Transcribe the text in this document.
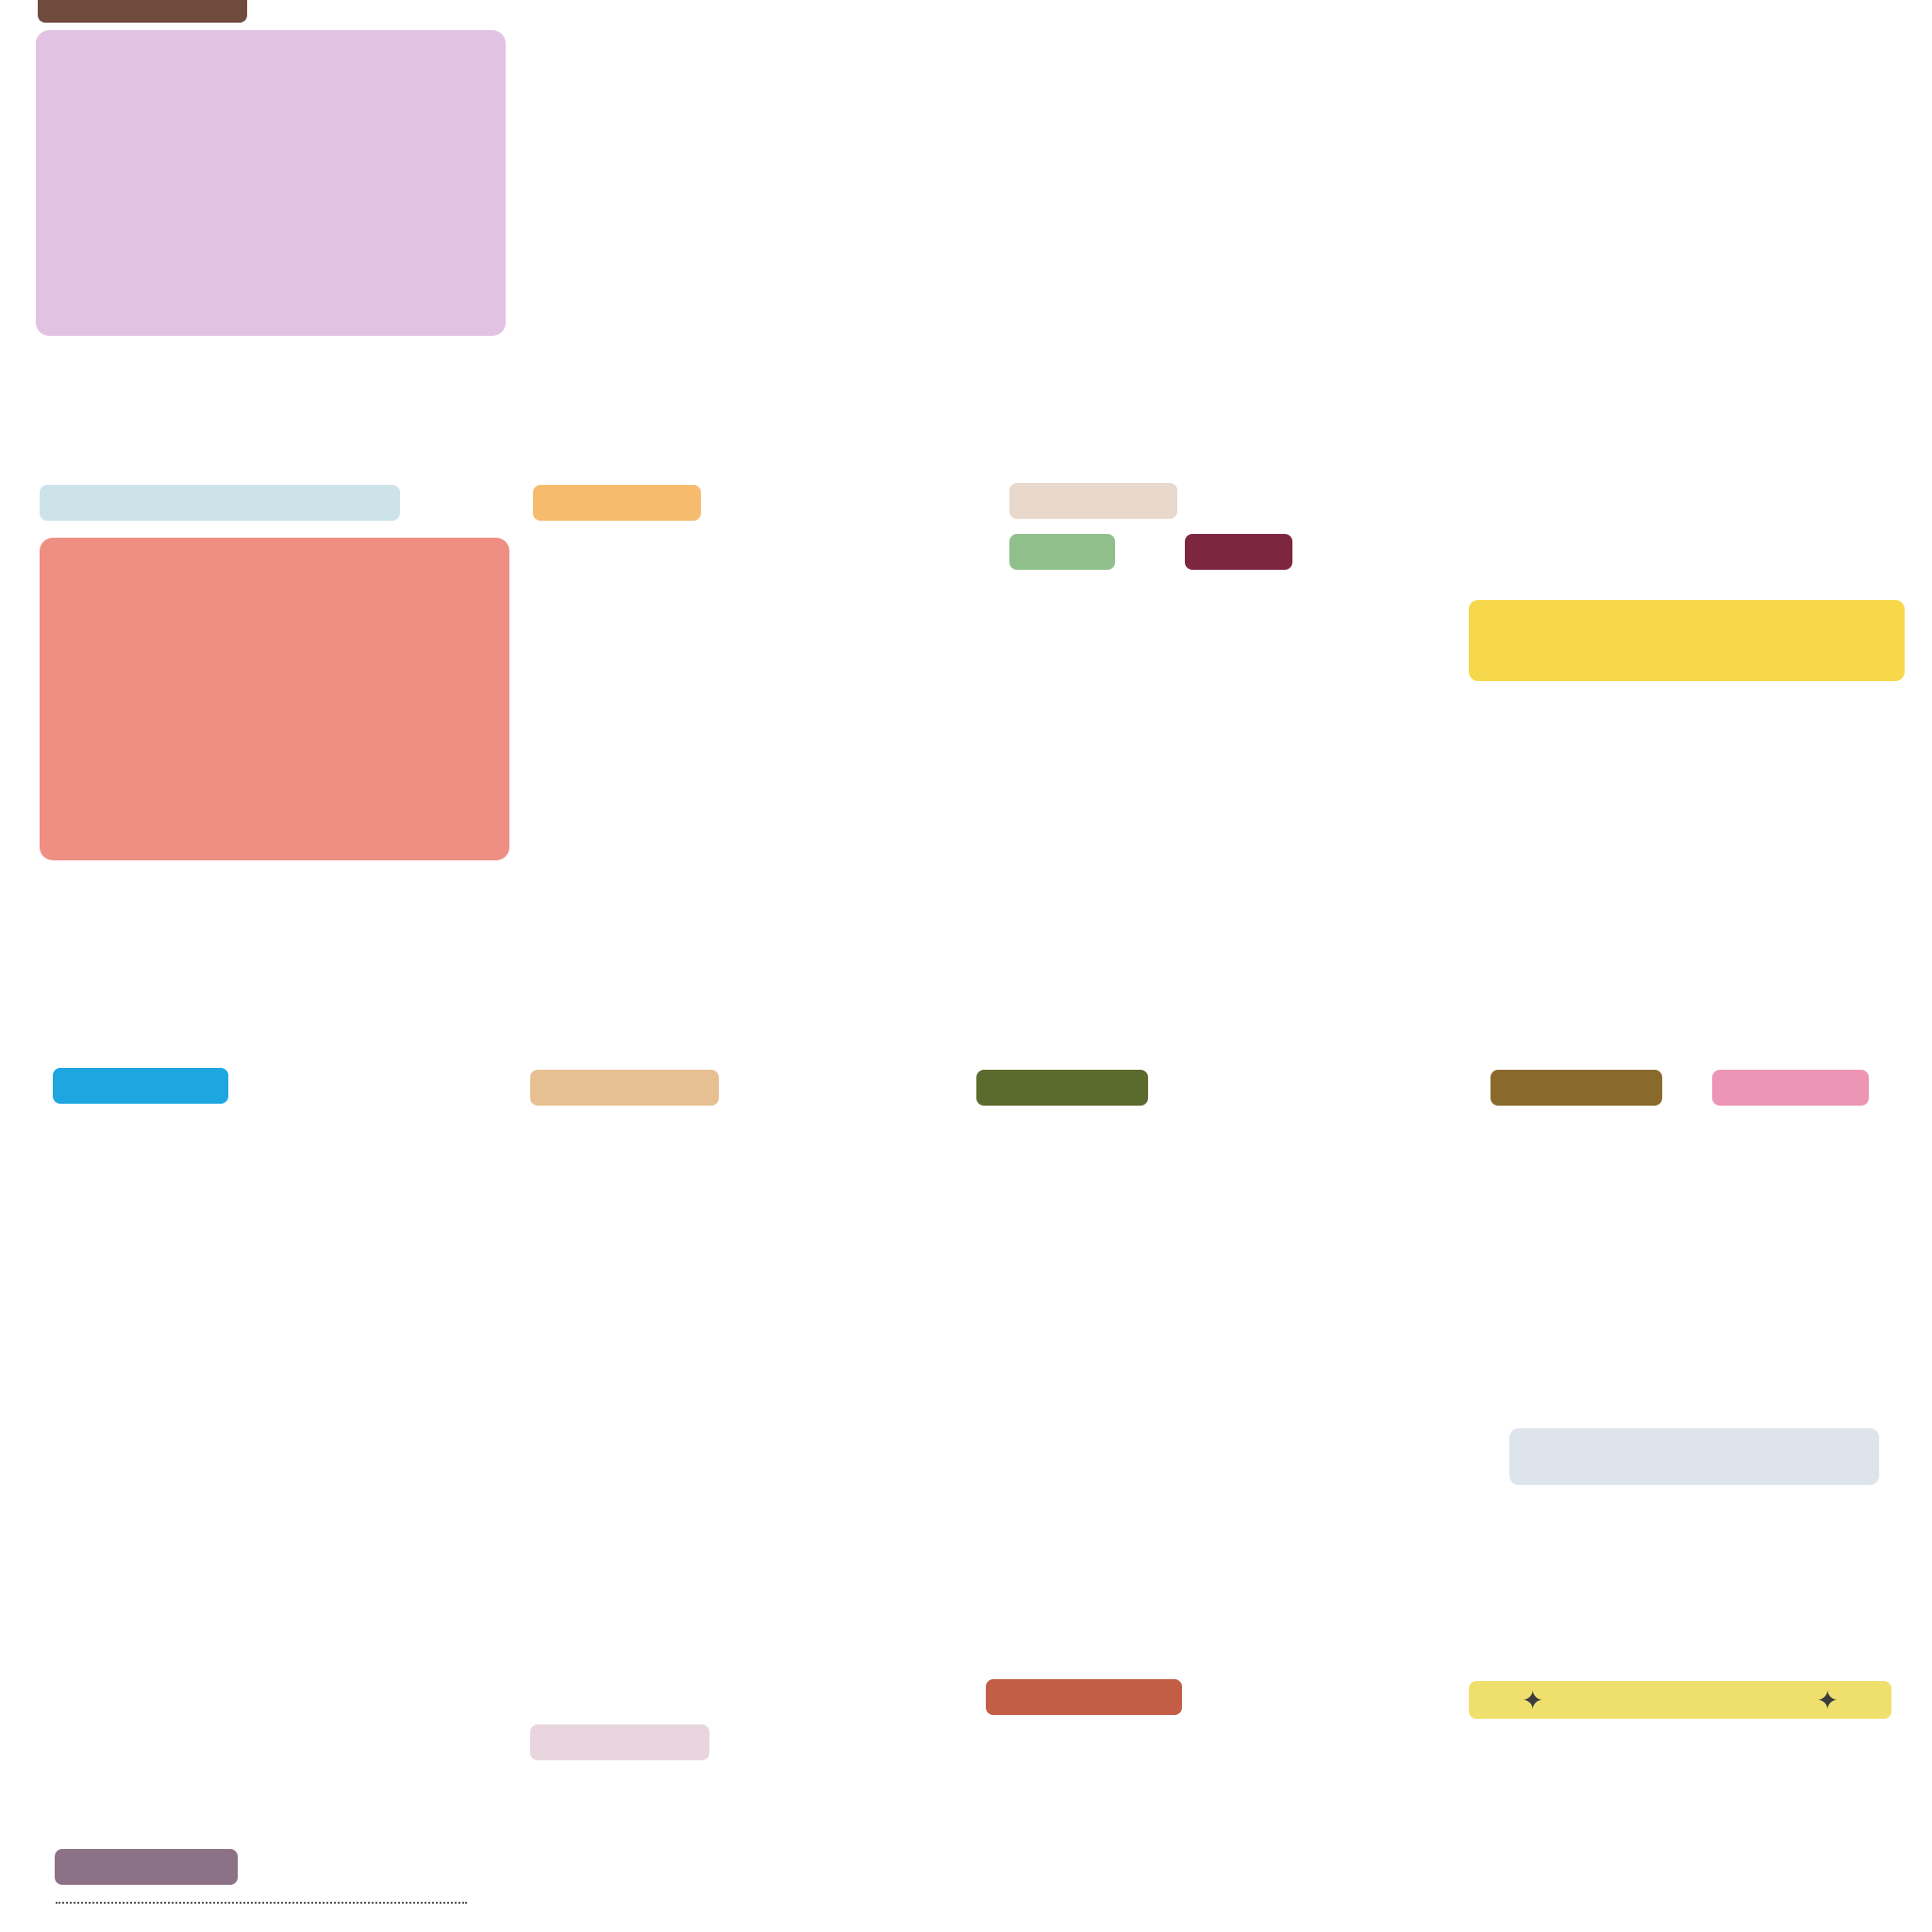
✦	✦
